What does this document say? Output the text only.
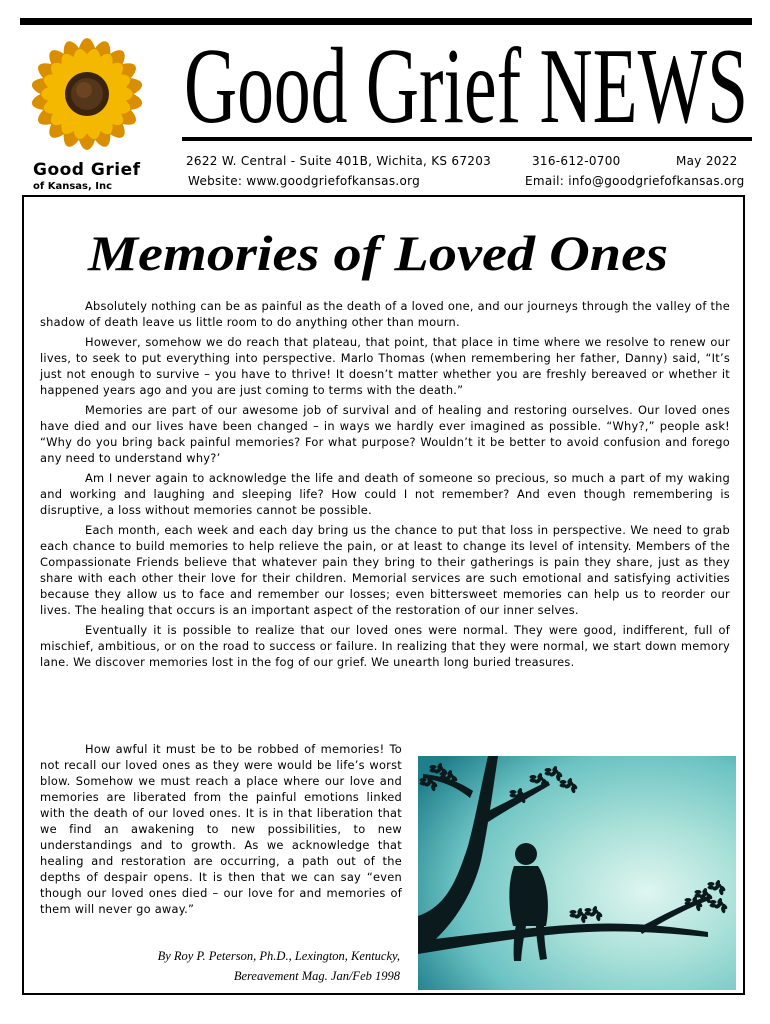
Good Grief
of Kansas, Inc
Good Grief NEWS
2622 W. Central - Suite 401B, Wichita, KS 67203	316-612-0700	May 2022
Website: www.goodgriefofkansas.org	Email: info@goodgriefofkansas.org
Memories of Loved Ones

Absolutely nothing can be as painful as the death of a loved one, and our journeys through the valley of the shadow of death leave us little room to do anything other than mourn.

However, somehow we do reach that plateau, that point, that place in time where we resolve to renew our lives, to seek to put everything into perspective. Marlo Thomas (when remembering her father, Danny) said, “It’s just not enough to survive – you have to thrive! It doesn’t matter whether you are freshly bereaved or whether it happened years ago and you are just coming to terms with the death.”

Memories are part of our awesome job of survival and of healing and restoring ourselves. Our loved ones have died and our lives have been changed – in ways we hardly ever imagined as possible. “Why?,” people ask! “Why do you bring back painful memories? For what purpose? Wouldn’t it be better to avoid confusion and forego any need to understand why?’

Am I never again to acknowledge the life and death of someone so precious, so much a part of my waking and working and laughing and sleeping life? How could I not remember? And even though remembering is disruptive, a loss without memories cannot be possible.

Each month, each week and each day bring us the chance to put that loss in perspective. We need to grab each chance to build memories to help relieve the pain, or at least to change its level of intensity. Members of the Compassionate Friends believe that whatever pain they bring to their gatherings is pain they share, just as they share with each other their love for their children. Memorial services are such emotional and satisfying activities because they allow us to face and remember our losses; even bittersweet memories can help us to reorder our lives. The healing that occurs is an important aspect of the restoration of our inner selves.

Eventually it is possible to realize that our loved ones were normal. They were good, indifferent, full of mischief, ambitious, or on the road to success or failure. In realizing that they were normal, we start down memory lane. We discover memories lost in the fog of our grief. We unearth long buried treasures.

How awful it must be to be robbed of memories! To not recall our loved ones as they were would be life’s worst blow. Somehow we must reach a place where our love and memories are liberated from the painful emotions linked with the death of our loved ones. It is in that liberation that we find an awakening to new possibilities, to new understandings and to growth. As we acknowledge that healing and restoration are occurring, a path out of the depths of despair opens. It is then that we can say “even though our loved ones died – our love for and memories of them will never go away.”

By Roy P. Peterson, Ph.D., Lexington, Kentucky,
Bereavement Mag. Jan/Feb 1998
